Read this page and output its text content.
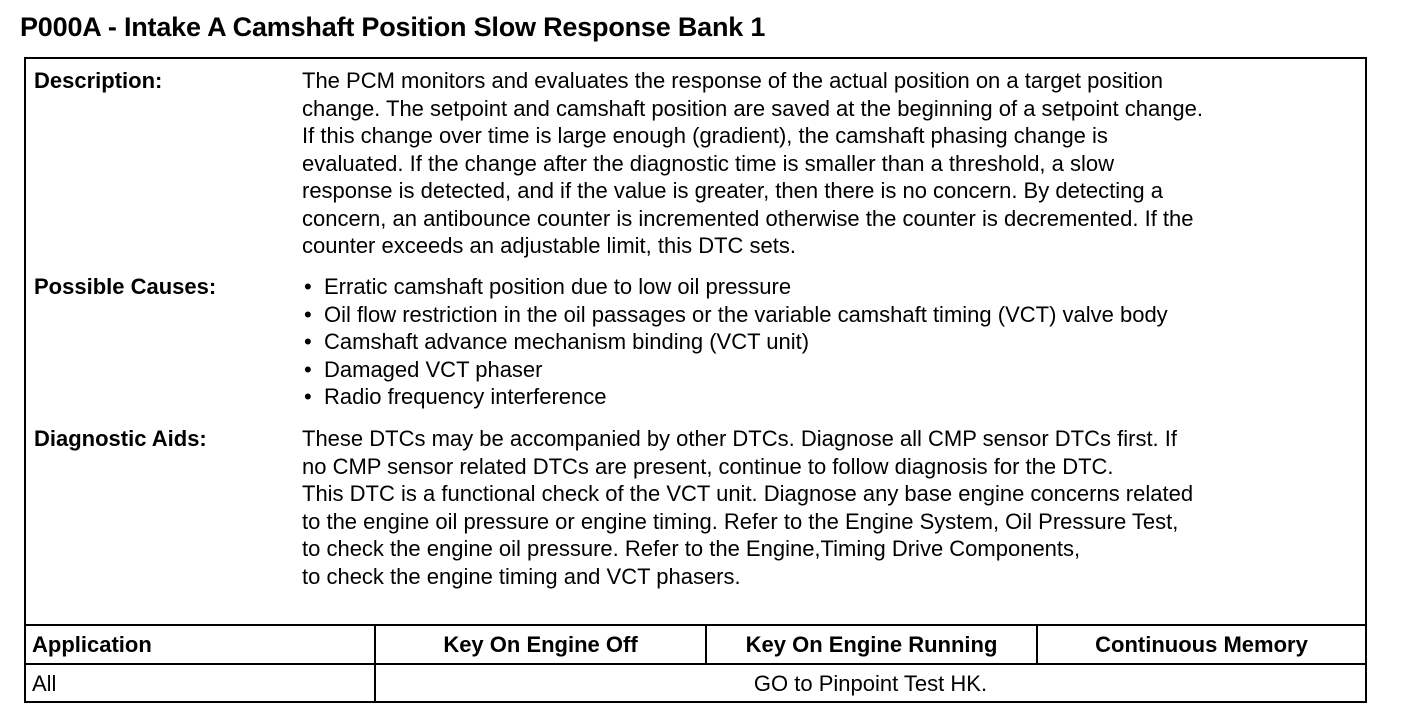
P000A - Intake A Camshaft Position Slow Response Bank 1
Description:	The PCM monitors and evaluates the response of the actual position on a target position
change. The setpoint and camshaft position are saved at the beginning of a setpoint change.
If this change over time is large enough (gradient), the camshaft phasing change is
evaluated. If the change after the diagnostic time is smaller than a threshold, a slow
response is detected, and if the value is greater, then there is no concern. By detecting a
concern, an antibounce counter is incremented otherwise the counter is decremented. If the
counter exceeds an adjustable limit, this DTC sets.
Possible Causes:	• Erratic camshaft position due to low oil pressure
• Oil flow restriction in the oil passages or the variable camshaft timing (VCT) valve body
• Camshaft advance mechanism binding (VCT unit)
• Damaged VCT phaser
• Radio frequency interference
Diagnostic Aids:	These DTCs may be accompanied by other DTCs. Diagnose all CMP sensor DTCs first. If
no CMP sensor related DTCs are present, continue to follow diagnosis for the DTC.
This DTC is a functional check of the VCT unit. Diagnose any base engine concerns related
to the engine oil pressure or engine timing. Refer to the Engine System, Oil Pressure Test,
to check the engine oil pressure. Refer to the Engine,Timing Drive Components,
to check the engine timing and VCT phasers.
Application	Key On Engine Off	Key On Engine Running	Continuous Memory
All	GO to Pinpoint Test HK.
